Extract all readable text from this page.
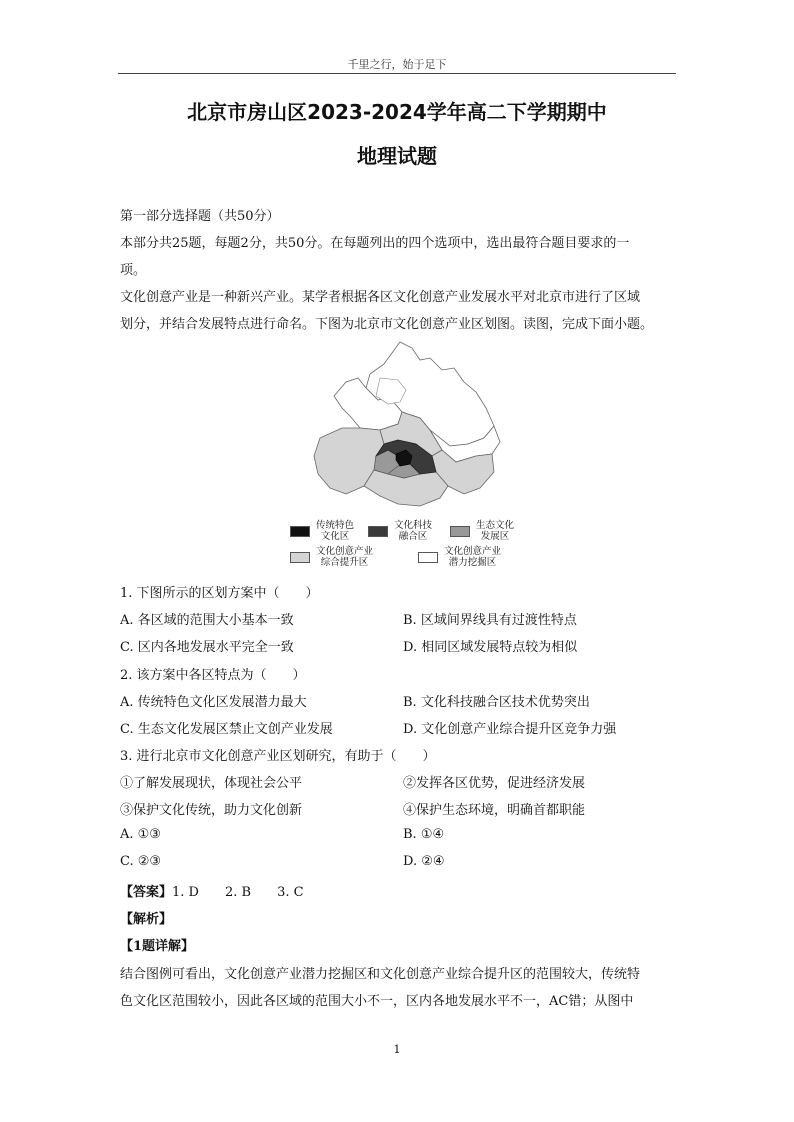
千里之行，始于足下
北京市房山区2023-2024学年高二下学期期中
地理试题
第一部分选择题（共50分）
本部分共25题，每题2分，共50分。在每题列出的四个选项中，选出最符合题目要求的一
项。
文化创意产业是一种新兴产业。某学者根据各区文化创意产业发展水平对北京市进行了区域
划分，并结合发展特点进行命名。下图为北京市文化创意产业区划图。读图，完成下面小题。
传统特色
文化区
文化科技
融合区
生态文化
发展区
文化创意产业
综合提升区
文化创意产业
潜力挖掘区
1. 下图所示的区划方案中（　　）
A. 各区域的范围大小基本一致	B. 区域间界线具有过渡性特点
C. 区内各地发展水平完全一致	D. 相同区域发展特点较为相似
2. 该方案中各区特点为（　　）
A. 传统特色文化区发展潜力最大	B. 文化科技融合区技术优势突出
C. 生态文化发展区禁止文创产业发展	D. 文化创意产业综合提升区竞争力强
3. 进行北京市文化创意产业区划研究，有助于（　　）
①了解发展现状，体现社会公平	②发挥各区优势，促进经济发展
③保护文化传统，助力文化创新	④保护生态环境，明确首都职能
A. ①③	B. ①④
C. ②③	D. ②④
【答案】1. D　　2. B　　3. C
【解析】
【1题详解】
结合图例可看出，文化创意产业潜力挖掘区和文化创意产业综合提升区的范围较大，传统特
色文化区范围较小，因此各区域的范围大小不一，区内各地发展水平不一，AC错；从图中
1
